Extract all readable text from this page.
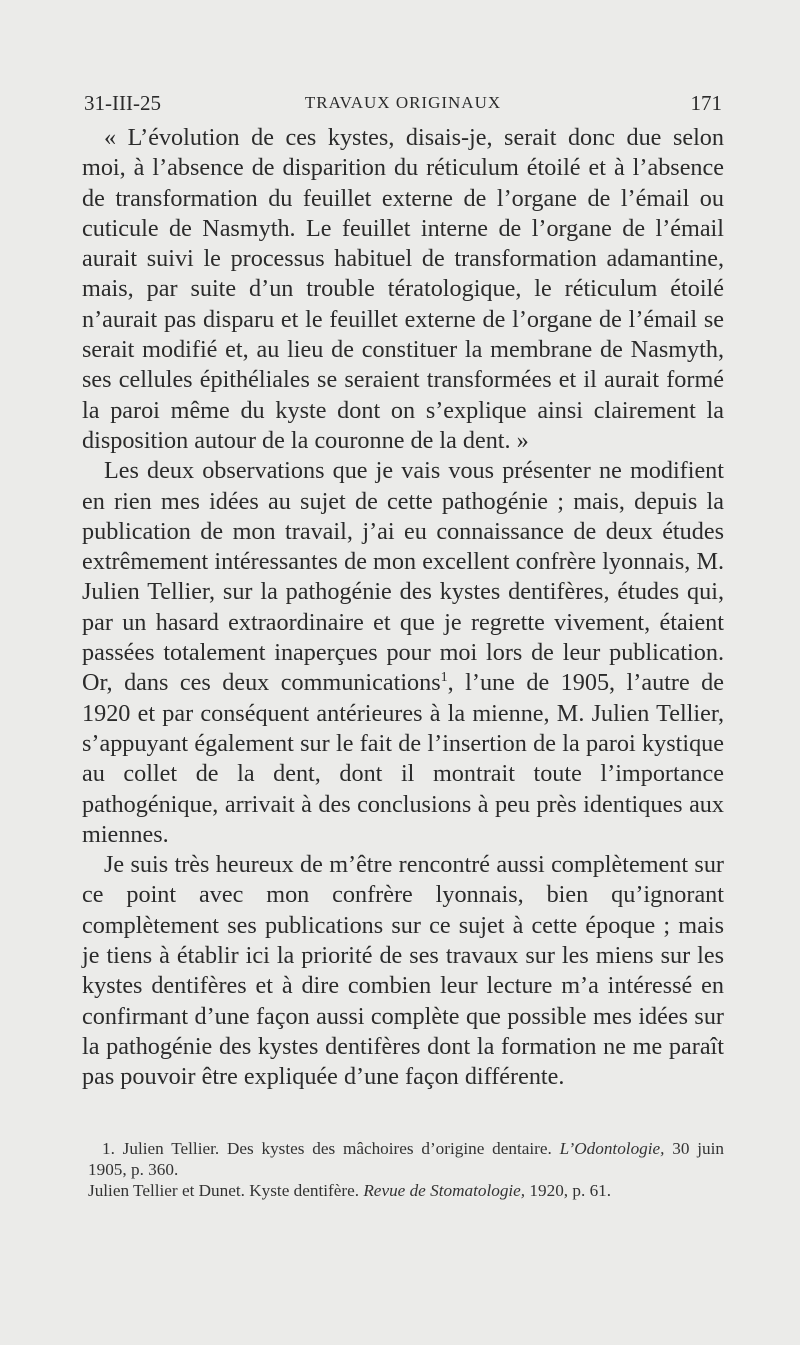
31-III-25	TRAVAUX ORIGINAUX	171

« L’évolution de ces kystes, disais-je, serait donc due selon moi, à l’absence de disparition du réticulum étoilé et à l’absence de transformation du feuillet externe de l’organe de l’émail ou cuticule de Nasmyth. Le feuillet interne de l’organe de l’émail aurait suivi le processus habituel de transformation adamantine, mais, par suite d’un trouble tératologique, le réticulum étoilé n’aurait pas disparu et le feuillet externe de l’organe de l’émail se serait modifié et, au lieu de constituer la membrane de Nasmyth, ses cellules épithéliales se seraient transformées et il aurait formé la paroi même du kyste dont on s’explique ainsi clairement la disposition autour de la couronne de la dent. »

Les deux observations que je vais vous présenter ne modifient en rien mes idées au sujet de cette pathogénie ; mais, depuis la publication de mon travail, j’ai eu connaissance de deux études extrêmement intéressantes de mon excellent confrère lyonnais, M. Julien Tellier, sur la pathogénie des kystes dentifères, études qui, par un hasard extraordinaire et que je regrette vivement, étaient passées totalement inaperçues pour moi lors de leur publication. Or, dans ces deux communications$^1$, l’une de 1905, l’autre de 1920 et par conséquent antérieures à la mienne, M. Julien Tellier, s’appuyant également sur le fait de l’insertion de la paroi kystique au collet de la dent, dont il montrait toute l’importance pathogénique, arrivait à des conclusions à peu près identiques aux miennes.

Je suis très heureux de m’être rencontré aussi complètement sur ce point avec mon confrère lyonnais, bien qu’ignorant complètement ses publications sur ce sujet à cette époque ; mais je tiens à établir ici la priorité de ses travaux sur les miens sur les kystes dentifères et à dire combien leur lecture m’a intéressé en confirmant d’une façon aussi complète que possible mes idées sur la pathogénie des kystes dentifères dont la formation ne me paraît pas pouvoir être expliquée d’une façon différente.

1. Julien Tellier. Des kystes des mâchoires d’origine dentaire. L’Odontologie, 30 juin 1905, p. 360.

Julien Tellier et Dunet. Kyste dentifère. Revue de Stomatologie, 1920, p. 61.
